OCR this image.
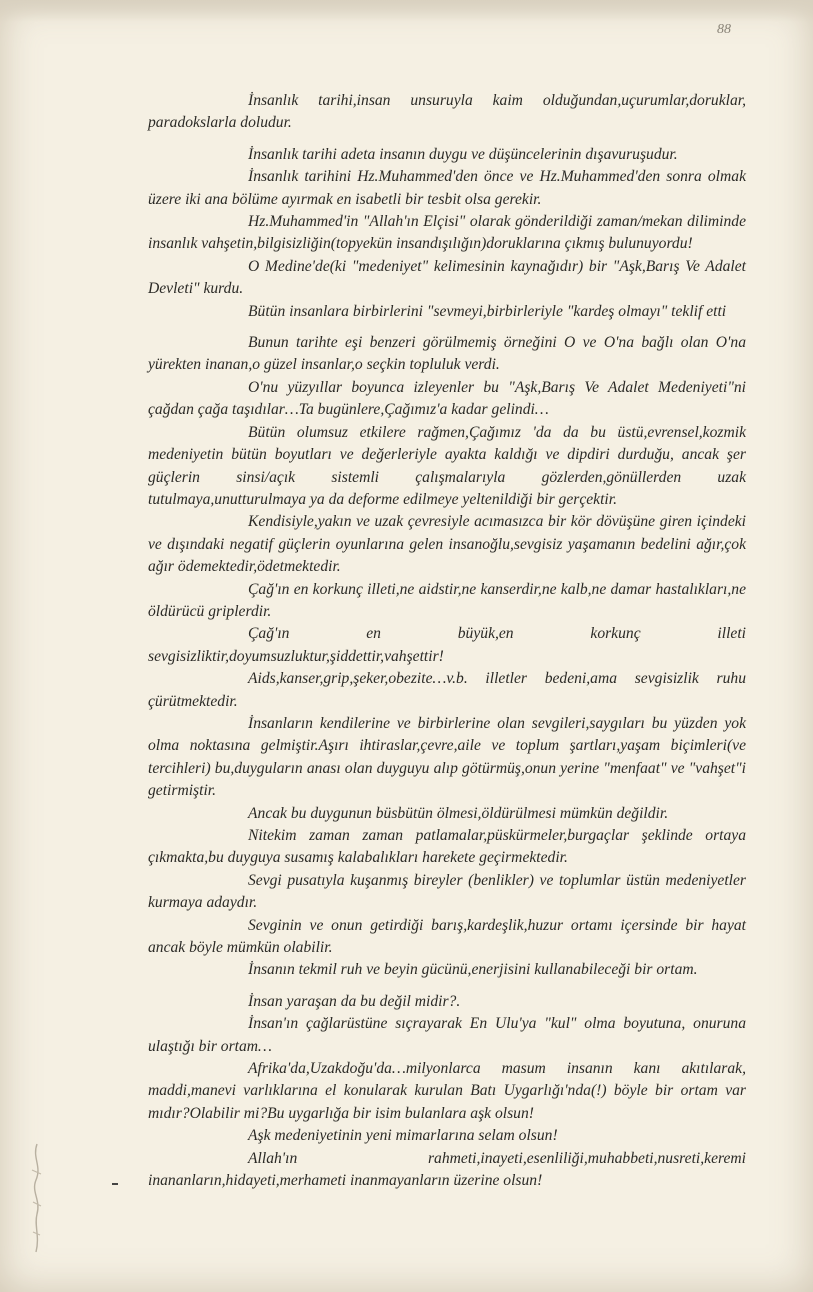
88

İnsanlık tarihi,insan unsuruyla kaim olduğundan,uçurumlar,doruklar, paradokslarla doludur.

İnsanlık tarihi adeta insanın duygu ve düşüncelerinin dışavuruşudur.

İnsanlık tarihini Hz.Muhammed'den önce ve Hz.Muhammed'den sonra olmak üzere iki ana bölüme ayırmak en isabetli bir tesbit olsa gerekir.

Hz.Muhammed'in "Allah'ın Elçisi" olarak gönderildiği zaman/mekan diliminde insanlık vahşetin,bilgisizliğin(topyekün insandışılığın)doruklarına çıkmış bulunuyordu!

O Medine'de(ki "medeniyet" kelimesinin kaynağıdır) bir "Aşk,Barış Ve Adalet Devleti" kurdu.

Bütün insanlara birbirlerini "sevmeyi,birbirleriyle "kardeş olmayı" teklif etti

Bunun tarihte eşi benzeri görülmemiş örneğini O ve O'na bağlı olan O'na yürekten inanan,o güzel insanlar,o seçkin topluluk verdi.

O'nu yüzyıllar boyunca izleyenler bu "Aşk,Barış Ve Adalet Medeniyeti"ni çağdan çağa taşıdılar…Ta bugünlere,Çağımız'a kadar gelindi…

Bütün olumsuz etkilere rağmen,Çağımız 'da da bu üstü,evrensel,kozmik medeniyetin bütün boyutları ve değerleriyle ayakta kaldığı ve dipdiri durduğu, ancak şer güçlerin sinsi/açık sistemli çalışmalarıyla gözlerden,gönüllerden uzak tutulmaya,unutturulmaya ya da deforme edilmeye yeltenildiği bir gerçektir.

Kendisiyle,yakın ve uzak çevresiyle acımasızca bir kör dövüşüne giren içindeki ve dışındaki negatif güçlerin oyunlarına gelen insanoğlu,sevgisiz yaşamanın bedelini ağır,çok ağır ödemektedir,ödetmektedir.

Çağ'ın en korkunç illeti,ne aidstir,ne kanserdir,ne kalb,ne damar hastalıkları,ne öldürücü griplerdir.

Çağ'ın en büyük,en korkunç illeti sevgisizliktir,doyumsuzluktur,şiddettir,vahşettir!

Aids,kanser,grip,şeker,obezite…v.b. illetler bedeni,ama sevgisizlik ruhu çürütmektedir.

İnsanların kendilerine ve birbirlerine olan sevgileri,saygıları bu yüzden yok olma noktasına gelmiştir.Aşırı ihtiraslar,çevre,aile ve toplum şartları,yaşam biçimleri(ve tercihleri) bu,duyguların anası olan duyguyu alıp götürmüş,onun yerine "menfaat" ve "vahşet"i getirmiştir.

Ancak bu duygunun büsbütün ölmesi,öldürülmesi mümkün değildir.

Nitekim zaman zaman patlamalar,püskürmeler,burgaçlar şeklinde ortaya çıkmakta,bu duyguya susamış kalabalıkları harekete geçirmektedir.

Sevgi pusatıyla kuşanmış bireyler (benlikler) ve toplumlar üstün medeniyetler kurmaya adaydır.

Sevginin ve onun getirdiği barış,kardeşlik,huzur ortamı içersinde bir hayat ancak böyle mümkün olabilir.

İnsanın tekmil ruh ve beyin gücünü,enerjisini kullanabileceği bir ortam.

İnsan yaraşan da bu değil midir?.

İnsan'ın çağlarüstüne sıçrayarak En Ulu'ya "kul" olma boyutuna, onuruna ulaştığı bir ortam…

Afrika'da,Uzakdoğu'da…milyonlarca masum insanın kanı akıtılarak, maddi,manevi varlıklarına el konularak kurulan Batı Uygarlığı'nda(!) böyle bir ortam var mıdır?Olabilir mi?Bu uygarlığa bir isim bulanlara aşk olsun!

Aşk medeniyetinin yeni mimarlarına selam olsun!

Allah'ın rahmeti,inayeti,esenliliği,muhabbeti,nusreti,keremi inananların,hidayeti,merhameti inanmayanların üzerine olsun!
